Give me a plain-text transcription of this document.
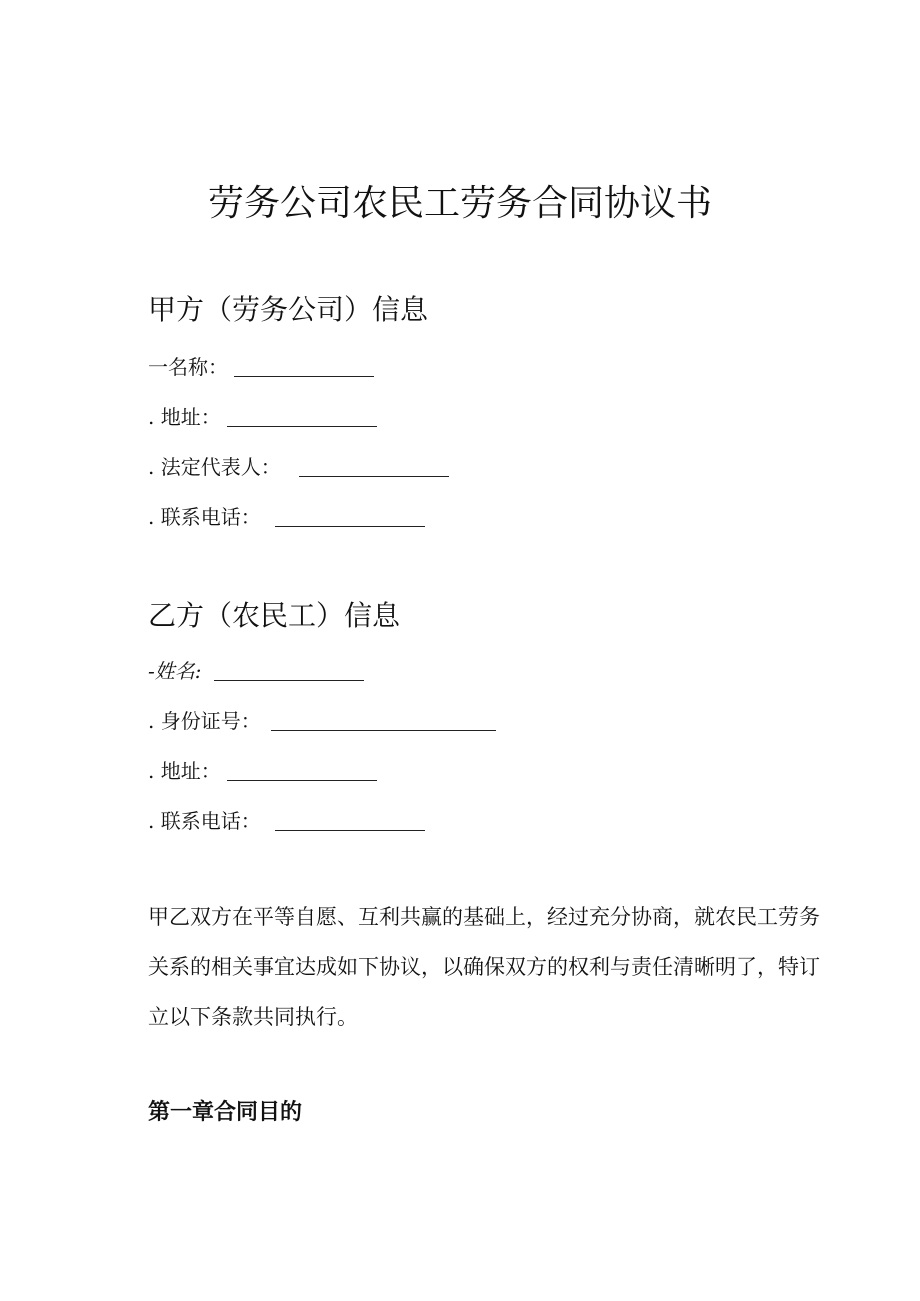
劳务公司农民工劳务合同协议书
甲方（劳务公司）信息
一名称：
. 地址：
. 法定代表人：
. 联系电话：
乙方（农民工）信息
-姓名:
. 身份证号：
. 地址：
. 联系电话：

甲乙双方在平等自愿、互利共赢的基础上，经过充分协商，就农民工劳务关系的相关事宜达成如下协议，以确保双方的权利与责任清晰明了，特订立以下条款共同执行。

第一章合同目的
